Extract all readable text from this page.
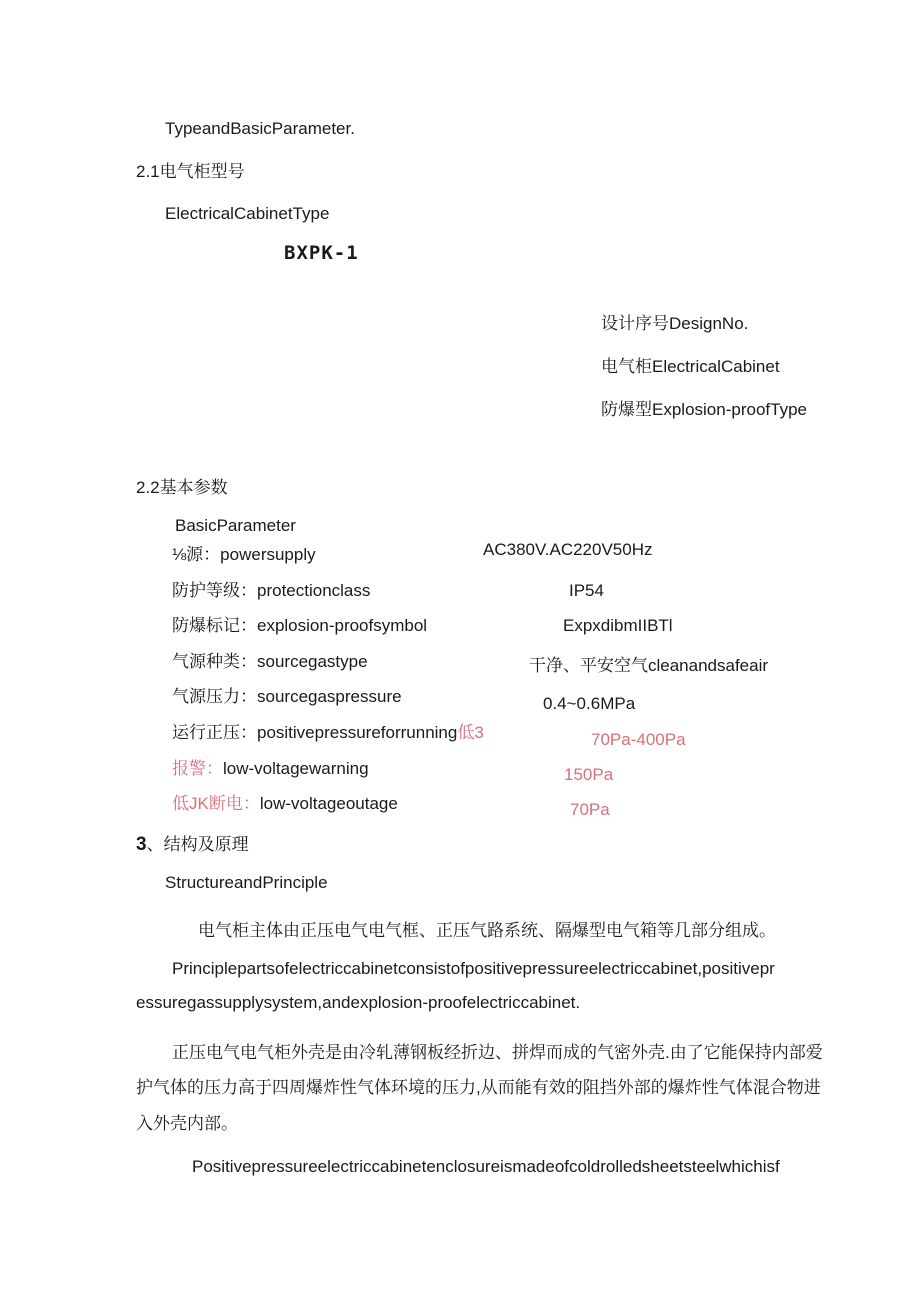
TypeandBasicParameter.
2.1电气柜型号
ElectricalCabinetType
BXPK-1
设计序号DesignNo.
电气柜ElectricalCabinet
防爆型Explosion-proofType
2.2基本参数
BasicParameter
⅛源：powersupply	AC380V.AC220V50Hz
防护等级：protectionclass	IP54
防爆标记：explosion-proofsymbol	ExpxdibmIIBTl
气源种类：sourcegastype	干净、平安空气cleanandsafeair
气源压力：sourcegaspressure	0.4~0.6MPa
运行正压：positivepressureforrunning低3	70Pa-400Pa
报警：low-voltagewarning	150Pa
低JK断电：low-voltageoutage	70Pa
3、结构及原理
StructureandPrinciple
电气柜主体由正压电气电气框、正压气路系统、隔爆型电气箱等几部分组成。
Principlepartsofelectriccabinetconsistofpositivepressureelectriccabinet,positivepr
essuregassupplysystem,andexplosion-proofelectriccabinet.
正压电气电气柜外壳是由冷轧薄钢板经折边、拼焊而成的气密外壳.由了它能保持内部爱
护气体的压力高于四周爆炸性气体环境的压力,从而能有效的阻挡外部的爆炸性气体混合物进
入外壳内部。
Positivepressureelectriccabinetenclosureismadeofcoldrolledsheetsteelwhichisf
